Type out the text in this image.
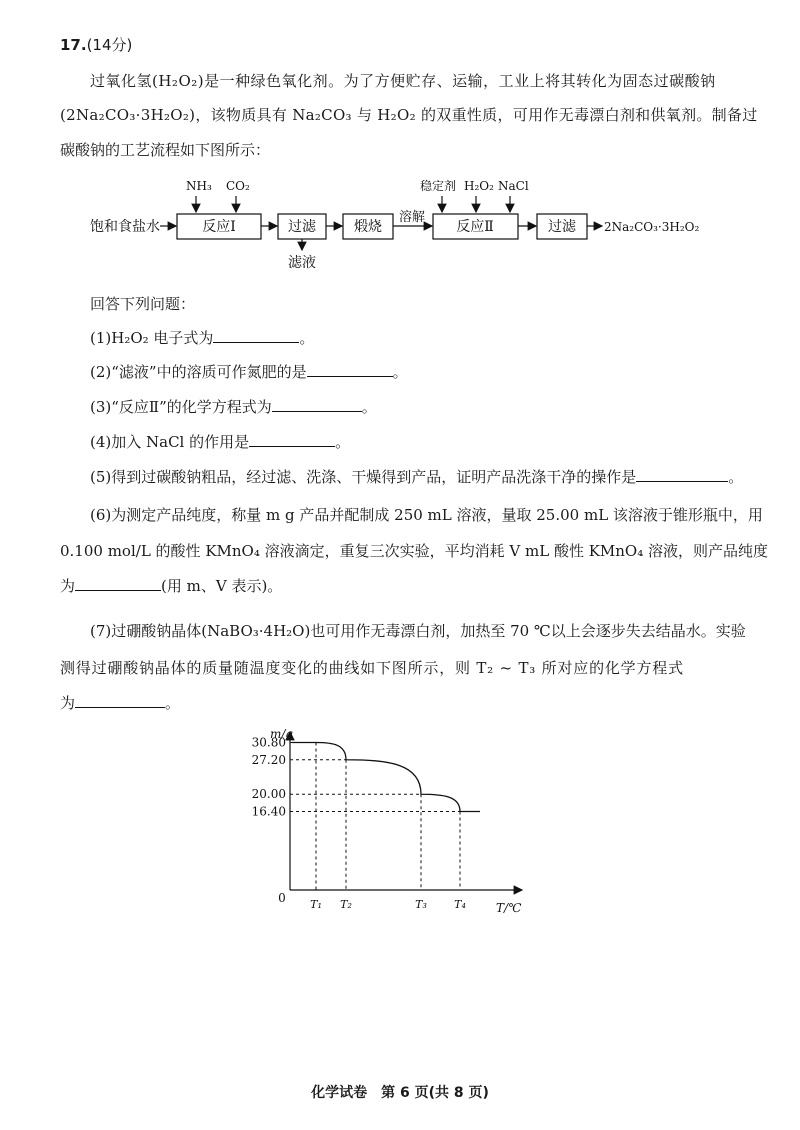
17.(14分)
过氧化氢(H₂O₂)是一种绿色氧化剂。为了方便贮存、运输，工业上将其转化为固态过碳酸钠
(2Na₂CO₃·3H₂O₂)，该物质具有 Na₂CO₃ 与 H₂O₂ 的双重性质，可用作无毒漂白剂和供氧剂。制备过
碳酸钠的工艺流程如下图所示：
饱和食盐水	反应Ⅰ
NH₃ CO₂
过滤
滤液
煅烧
溶解
反应Ⅱ
稳定剂 H₂O₂ NaCl
过滤 2Na₂CO₃·3H₂O₂
回答下列问题：
(1)H₂O₂ 电子式为	。
(2)“滤液”中的溶质可作氮肥的是	。
(3)“反应Ⅱ”的化学方程式为	。
(4)加入 NaCl 的作用是	。
(5)得到过碳酸钠粗品，经过滤、洗涤、干燥得到产品，证明产品洗涤干净的操作是	。
(6)为测定产品纯度，称量 m g 产品并配制成 250 mL 溶液，量取 25.00 mL 该溶液于锥形瓶中，用
0.100 mol/L 的酸性 KMnO₄ 溶液滴定，重复三次实验，平均消耗 V mL 酸性 KMnO₄ 溶液，则产品纯度
为	(用 m、V 表示)。
(7)过硼酸钠晶体(NaBO₃·4H₂O)也可用作无毒漂白剂，加热至 70 ℃以上会逐步失去结晶水。实验
测得过硼酸钠晶体的质量随温度变化的曲线如下图所示，则 T₂ ~ T₃ 所对应的化学方程式
为	。
m/g
T/℃
0
30.80
27.20
20.00
16.40
T₁ T₂	T₃ T₄
化学试卷　第 6 页(共 8 页)
